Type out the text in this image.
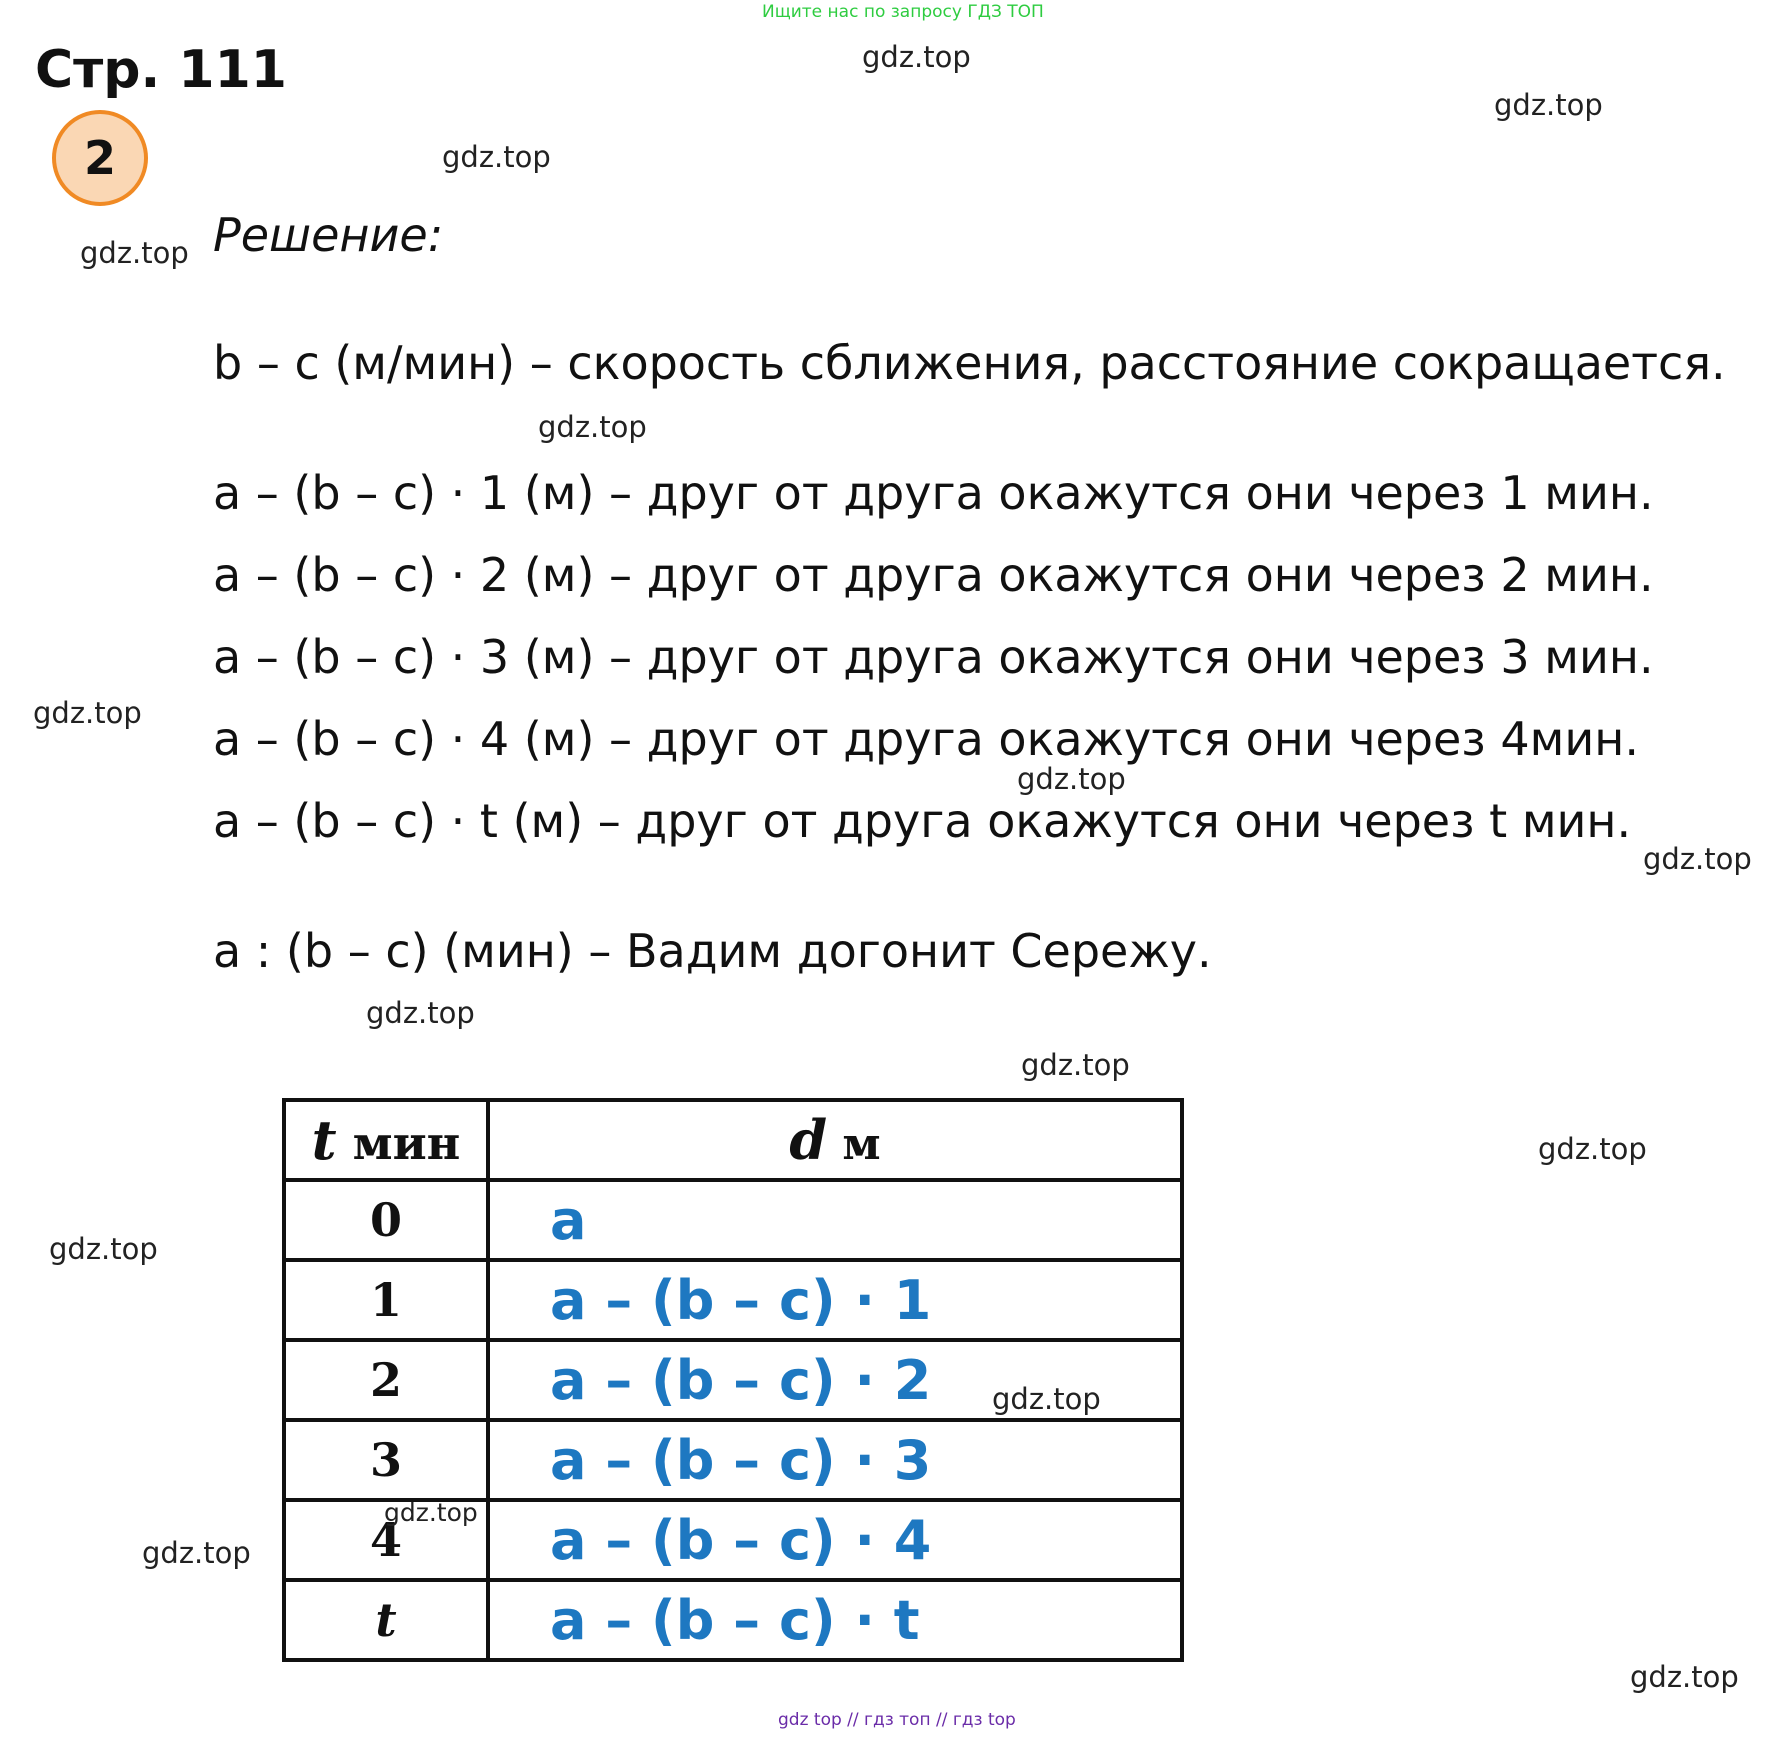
Ищите нас по запросу ГДЗ ТОП
Стр. 111
2
Решение:
b – c (м/мин) – скорость сближения, расстояние сокращается.
a – (b – c) · 1 (м) – друг от друга окажутся они через 1 мин.
a – (b – c) · 2 (м) – друг от друга окажутся они через 2 мин.
a – (b – c) · 3 (м) – друг от друга окажутся они через 3 мин.
a – (b – c) · 4 (м) – друг от друга окажутся они через 4мин.
a – (b – c) · t (м) – друг от друга окажутся они через t мин.
a : (b – c) (мин) – Вадим догонит Сережу.
t мин	d м
0	a
1	a – (b – c) · 1
2	a – (b – c) · 2
3	a – (b – c) · 3
4	a – (b – c) · 4
t	a – (b – c) · t
gdz.top
gdz.top
gdz.top
gdz.top
gdz.top
gdz.top
gdz.top
gdz.top
gdz.top
gdz.top
gdz.top
gdz.top
gdz.top
gdz.top
gdz.top
gdz.top
gdz top // гдз топ // гдз top
